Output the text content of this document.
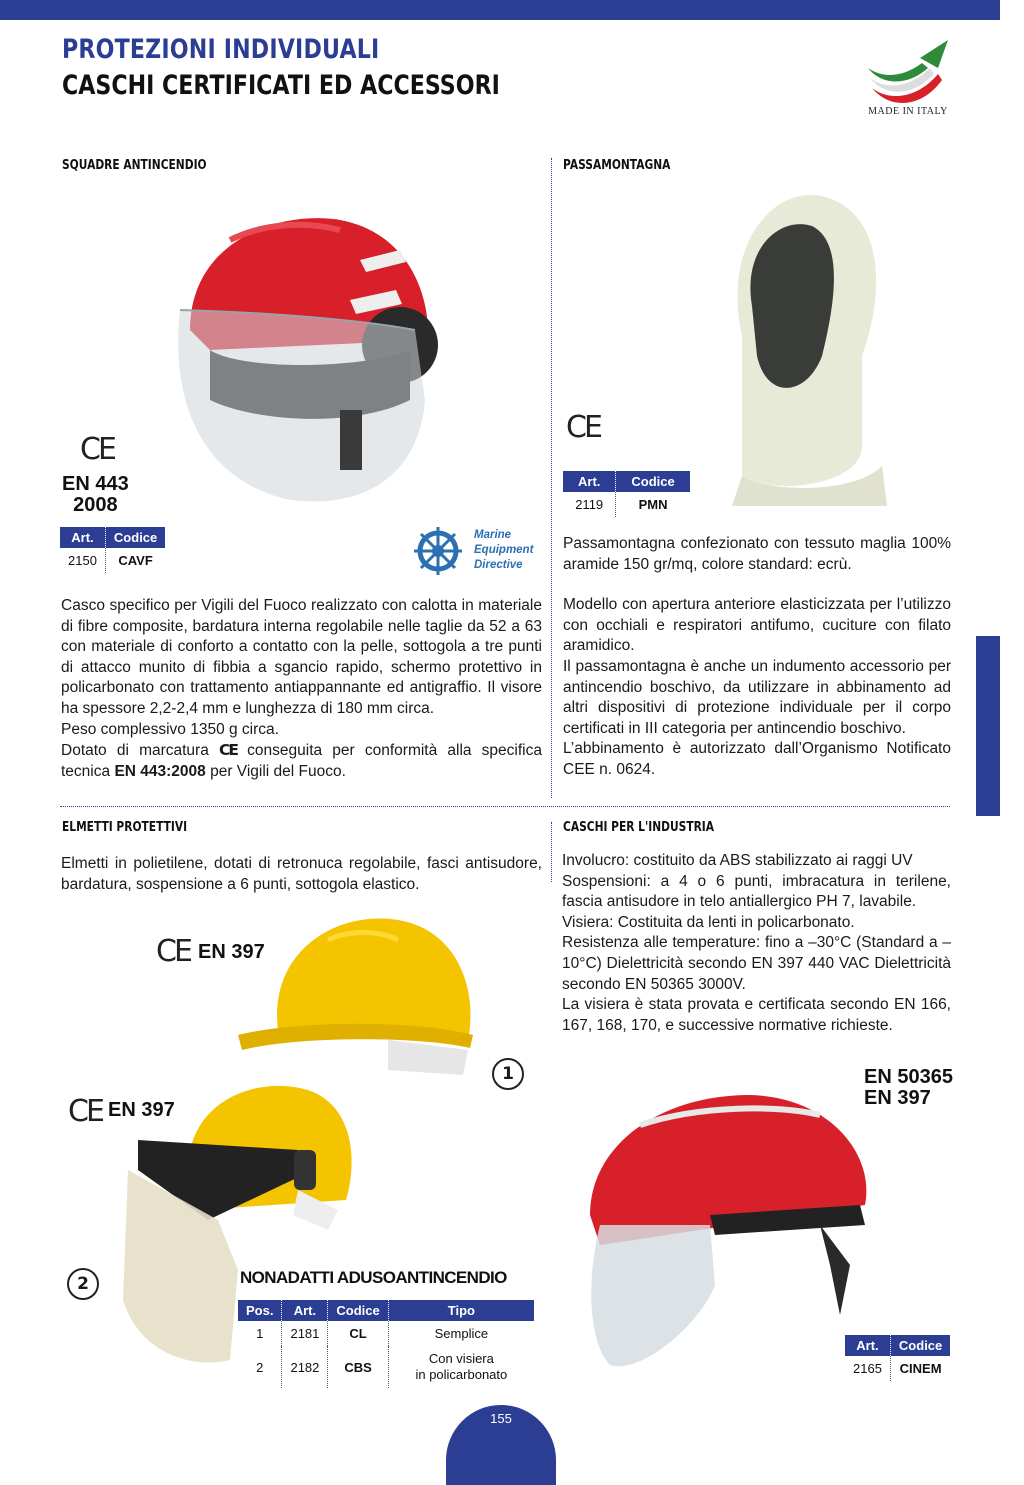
PROTEZIONI INDIVIDUALI
CASCHI CERTIFICATI ED ACCESSORI
MADE IN ITALY
SQUADRE ANTINCENDIO	PASSAMONTAGNA
CE
EN 443
2008
Art.	Codice
2150	CAVF
Marine
Equipment
Directive

Casco specifico per Vigili del Fuoco realizzato con calotta in materiale di fibre composite, bardatura interna regolabile nelle taglie da 52 a 63 con materiale di conforto a contatto con la pelle, sottogola a tre punti di attacco munito di fibbia a sgancio rapido, schermo protettivo in policarbonato con trattamento antiappannante ed antigraffio. Il visore ha spessore 2,2-2,4 mm e lunghezza di 180 mm circa.

Peso complessivo 1350 g circa.

Dotato di marcatura CE conseguita per conformità alla specifica tecnica EN 443:2008 per Vigili del Fuoco.

CE
Art.	Codice
2119	PMN

Passamontagna confezionato con tessuto maglia 100% aramide 150 gr/mq, colore standard: ecrù.

Modello con apertura anteriore elasticizzata per l’utilizzo con occhiali e respiratori antifumo, cuciture con filato aramidico.

Il passamontagna è anche un indumento accessorio per antincendio boschivo, da utilizzare in abbinamento ad altri dispositivi di protezione individuale per il corpo certificati in III categoria per antincendio boschivo.

L’abbinamento è autorizzato dall’Organismo Notificato CEE n. 0624.

ELMETTI PROTETTIVI	CASCHI PER L'INDUSTRIA
Elmetti in polietilene, dotati di retronuca regolabile, fasci antisudore, bardatura, sospensione a 6 punti, sottogola elastico.
CE EN 397
1
CE EN 397
2	NONADATTI ADUSOANTINCENDIO
Pos.	Art.	Codice	Tipo
1	2181	CL	Semplice
2	2182	CBS	Con visiera
in policarbonato

Involucro: costituito da ABS stabilizzato ai raggi UV

Sospensioni: a 4 o 6 punti, imbracatura in terilene, fascia antisudore in telo antiallergico PH 7, lavabile.

Visiera: Costituita da lenti in policarbonato.

Resistenza alle temperature: fino a –30°C (Standard a –10°C) Dielettricità secondo EN 397 440 VAC Dielettricità secondo EN 50365 3000V.

La visiera è stata provata e certificata secondo EN 166, 167, 168, 170, e successive normative richieste.

EN 50365
EN 397
Art.	Codice
2165	CINEM
155
